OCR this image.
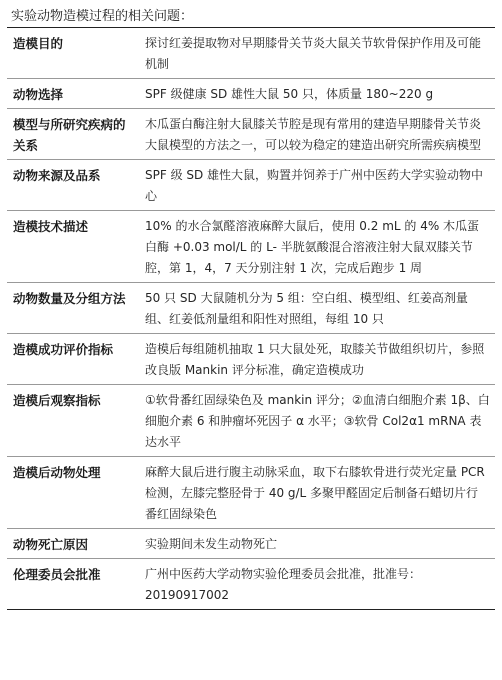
实验动物造模过程的相关问题：
造模目的	探讨红姜提取物对早期膝骨关节炎大鼠关节软骨保护作用及可能机制
动物选择	SPF 级健康 SD 雄性大鼠 50 只，体质量 180~220 g
模型与所研究疾病的关系	木瓜蛋白酶注射大鼠膝关节腔是现有常用的建造早期膝骨关节炎大鼠模型的方法之一，可以较为稳定的建造出研究所需疾病模型
动物来源及品系	SPF 级 SD 雄性大鼠，购置并饲养于广州中医药大学实验动物中心
造模技术描述	10% 的水合氯醛溶液麻醉大鼠后，使用 0.2 mL 的 4% 木瓜蛋白酶 +0.03 mol/L 的 L- 半胱氨酸混合溶液注射大鼠双膝关节腔，第 1，4，7 天分别注射 1 次，完成后跑步 1 周
动物数量及分组方法	50 只 SD 大鼠随机分为 5 组：空白组、模型组、红姜高剂量组、红姜低剂量组和阳性对照组，每组 10 只
造模成功评价指标	造模后每组随机抽取 1 只大鼠处死，取膝关节做组织切片，参照改良版 Mankin 评分标准，确定造模成功
造模后观察指标	①软骨番红固绿染色及 mankin 评分；②血清白细胞介素 1β、白细胞介素 6 和肿瘤坏死因子 α 水平；③软骨 Col2α1 mRNA 表达水平
造模后动物处理	麻醉大鼠后进行腹主动脉采血，取下右膝软骨进行荧光定量 PCR 检测，左膝完整胫骨于 40 g/L 多聚甲醛固定后制备石蜡切片行番红固绿染色
动物死亡原因	实验期间未发生动物死亡
伦理委员会批准	广州中医药大学动物实验伦理委员会批准，批准号：20190917002
